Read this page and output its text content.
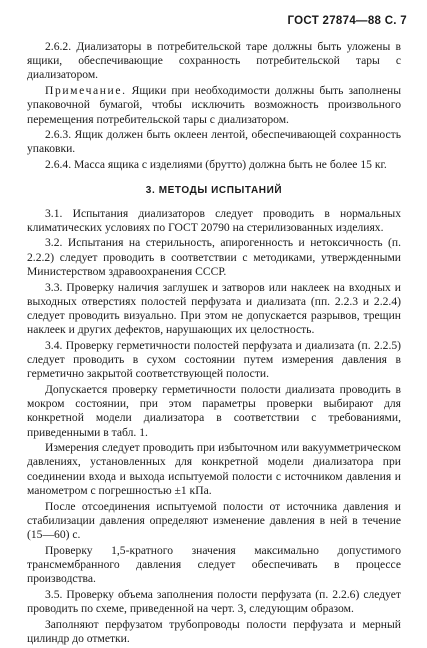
ГОСТ 27874—88 С. 7

2.6.2. Диализаторы в потребительской таре должны быть уложены в ящики, обеспечивающие сохранность потребительской тары с диализатором.

Примечание. Ящики при необходимости должны быть заполнены упаковочной бумагой, чтобы исключить возможность произвольного перемещения потребительской тары с диализатором.

2.6.3. Ящик должен быть оклеен лентой, обеспечивающей сохранность упаковки.

2.6.4. Масса ящика с изделиями (брутто) должна быть не более 15 кг.

3. МЕТОДЫ ИСПЫТАНИЙ

3.1. Испытания диализаторов следует проводить в нормальных климатических условиях по ГОСТ 20790 на стерилизованных изделиях.

3.2. Испытания на стерильность, апирогенность и нетоксичность (п. 2.2.2) следует проводить в соответствии с методиками, утвержденными Министерством здравоохранения СССР.

3.3. Проверку наличия заглушек и затворов или наклеек на входных и выходных отверстиях полостей перфузата и диализата (пп. 2.2.3 и 2.2.4) следует проводить визуально. При этом не допускается разрывов, трещин наклеек и других дефектов, нарушающих их целостность.

3.4. Проверку герметичности полостей перфузата и диализата (п. 2.2.5) следует проводить в сухом состоянии путем измерения давления в герметично закрытой соответствующей полости.

Допускается проверку герметичности полости диализата проводить в мокром состоянии, при этом параметры проверки выбирают для конкретной модели диализатора в соответствии с требованиями, приведенными в табл. 1.

Измерения следует проводить при избыточном или вакуумметрическом давлениях, установленных для конкретной модели диализатора при соединении входа и выхода испытуемой полости с источником давления и манометром с погрешностью ±1 кПа.

После отсоединения испытуемой полости от источника давления и стабилизации давления определяют изменение давления в ней в течение (15—60) с.

Проверку 1,5-кратного значения максимально допустимого трансмембранного давления следует обеспечивать в процессе производства.

3.5. Проверку объема заполнения полости перфузата (п. 2.2.6) следует проводить по схеме, приведенной на черт. 3, следующим образом.

Заполняют перфузатом трубопроводы полости перфузата и мерный цилиндр до отметки.
